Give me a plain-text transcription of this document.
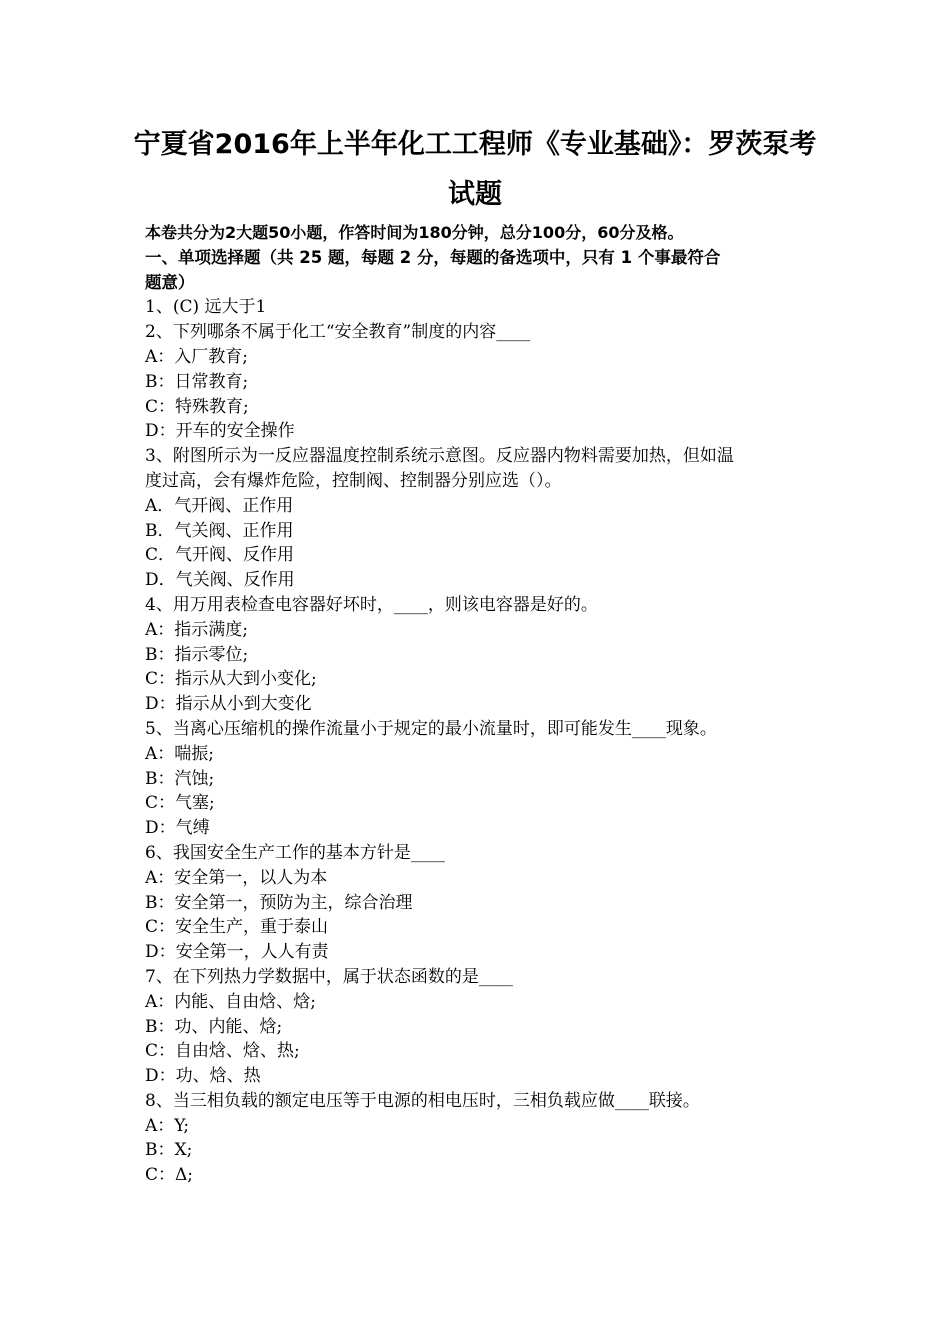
宁夏省2016年上半年化工工程师《专业基础》：罗茨泵考
试题
本卷共分为2大题50小题，作答时间为180分钟，总分100分，60分及格。
一、单项选择题（共 25 题，每题 2 分，每题的备选项中，只有 1 个事最符合
题意）
1、(C) 远大于1
2、下列哪条不属于化工“安全教育”制度的内容____
A：入厂教育;
B：日常教育;
C：特殊教育;
D：开车的安全操作
3、附图所示为一反应器温度控制系统示意图。反应器内物料需要加热，但如温
度过高，会有爆炸危险，控制阀、控制器分别应选（）。
A．气开阀、正作用
B．气关阀、正作用
C．气开阀、反作用
D．气关阀、反作用
4、用万用表检查电容器好坏时，____，则该电容器是好的。
A：指示满度;
B：指示零位;
C：指示从大到小变化;
D：指示从小到大变化
5、当离心压缩机的操作流量小于规定的最小流量时，即可能发生____现象。
A：喘振;
B：汽蚀;
C：气塞;
D：气缚
6、我国安全生产工作的基本方针是____
A：安全第一，以人为本
B：安全第一，预防为主，综合治理
C：安全生产，重于泰山
D：安全第一，人人有责
7、在下列热力学数据中，属于状态函数的是____
A：内能、自由焓、焓;
B：功、内能、焓;
C：自由焓、焓、热;
D：功、焓、热
8、当三相负载的额定电压等于电源的相电压时，三相负载应做____联接。
A：Y;
B：X;
C：Δ;
